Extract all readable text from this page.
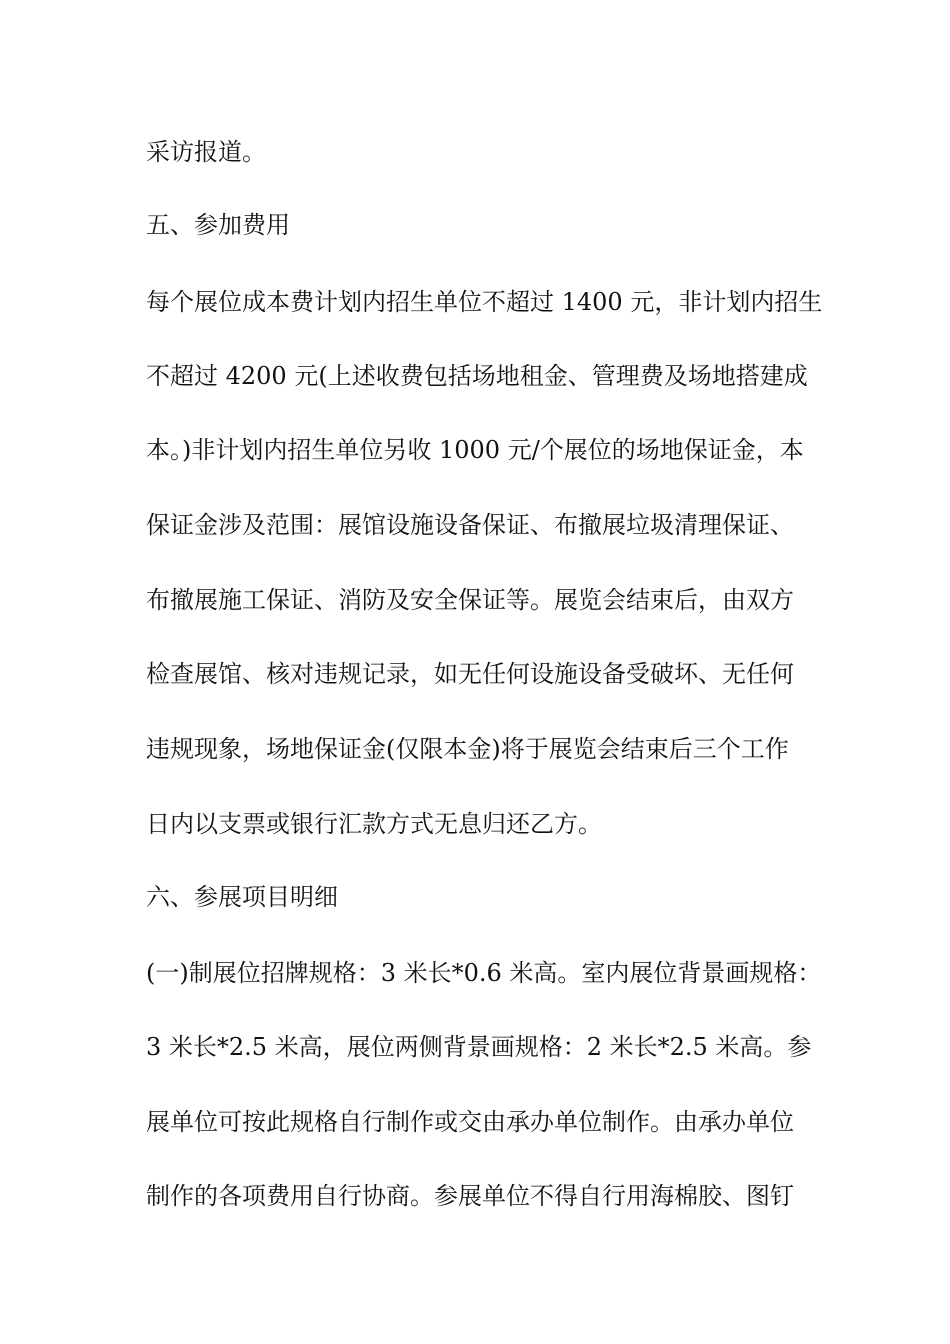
采访报道。
五、参加费用
每个展位成本费计划内招生单位不超过 1400 元，非计划内招生
不超过 4200 元(上述收费包括场地租金、管理费及场地搭建成
本。)非计划内招生单位另收 1000 元/个展位的场地保证金，本
保证金涉及范围：展馆设施设备保证、布撤展垃圾清理保证、
布撤展施工保证、消防及安全保证等。展览会结束后，由双方
检查展馆、核对违规记录，如无任何设施设备受破坏、无任何
违规现象，场地保证金(仅限本金)将于展览会结束后三个工作
日内以支票或银行汇款方式无息归还乙方。
六、参展项目明细
(一)制展位招牌规格：3 米长*0.6 米高。室内展位背景画规格：
3 米长*2.5 米高，展位两侧背景画规格：2 米长*2.5 米高。参
展单位可按此规格自行制作或交由承办单位制作。由承办单位
制作的各项费用自行协商。参展单位不得自行用海棉胶、图钉
